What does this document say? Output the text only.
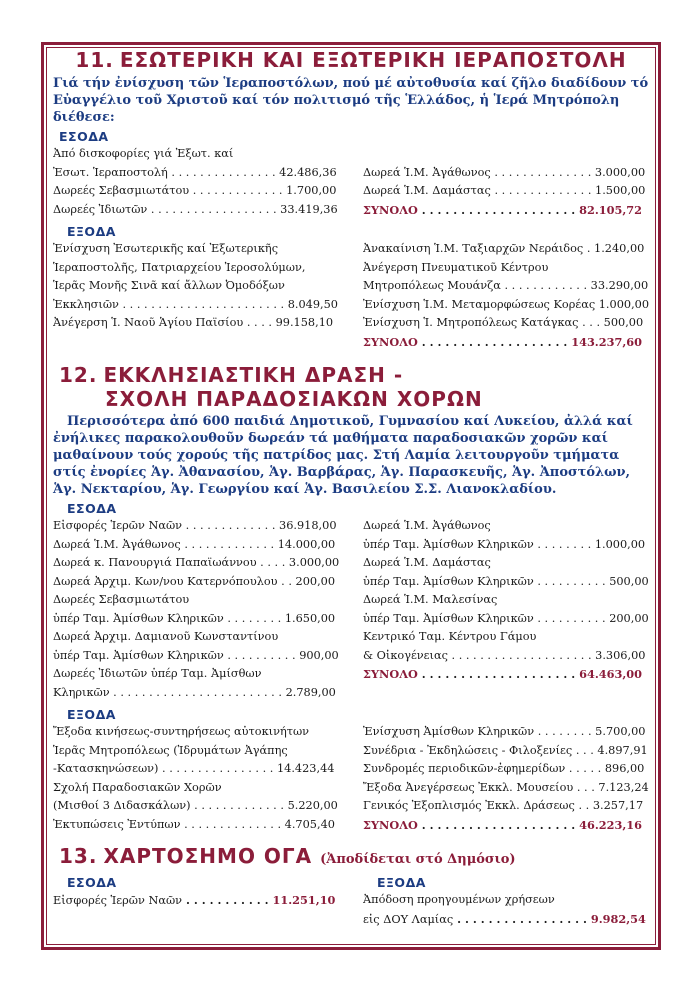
11. ΕΣΩΤΕΡΙΚΗ ΚΑΙ ΕΞΩΤΕΡΙΚΗ ΙΕΡΑΠΟΣΤΟΛΗ
Γιά τήν ἐνίσχυση τῶν Ἱεραποστόλων, πού μέ αὐτοθυσία καί ζῆλο διαδίδουν τό Εὐαγγέλιο τοῦ Χριστοῦ καί τόν πολιτισμό τῆς Ἑλλάδος, ἡ Ἱερά Μητρόπολη διέθεσε:
ΕΣΟΔΑ
Ἀπό δισκοφορίες γιά Ἐξωτ. καί
Ἐσωτ. Ἱεραποστολή . . . . . . . . . . . . . . . 42.486,36
Δωρεές Σεβασμιωτάτου . . . . . . . . . . . . . 1.700,00
Δωρεές Ἰδιωτῶν . . . . . . . . . . . . . . . . . . 33.419,36

Δωρεά Ἱ.Μ. Ἀγάθωνος . . . . . . . . . . . . . . 3.000,00
Δωρεά Ἱ.Μ. Δαμάστας . . . . . . . . . . . . . . 1.500,00
ΣΥΝΟΛΟ . . . . . . . . . . . . . . . . . . . . 82.105,72
ΕΞΟΔΑ
Ἐνίσχυση Ἐσωτερικῆς καί Ἐξωτερικῆς
Ἱεραποστολῆς, Πατριαρχείου Ἱεροσολύμων,
Ἱερᾶς Μονῆς Σινᾶ καί ἄλλων Ὀμοδόξων
Ἐκκλησιῶν . . . . . . . . . . . . . . . . . . . . . . . 8.049,50
Ἀνέγερση Ἱ. Ναοῦ Ἁγίου Παϊσίου . . . . 99.158,10
Ἀνακαίνιση Ἱ.Μ. Ταξιαρχῶν Νεράιδος . 1.240,00
Ἀνέγερση Πνευματικοῦ Κέντρου
Μητροπόλεως Μουάνζα . . . . . . . . . . . . 33.290,00
Ἐνίσχυση Ἱ.Μ. Μεταμορφώσεως Κορέας 1.000,00
Ἐνίσχυση Ἱ. Μητροπόλεως Κατάγκας . . . 500,00
ΣΥΝΟΛΟ . . . . . . . . . . . . . . . . . . . 143.237,60
12. ΕΚΚΛΗΣΙΑΣΤΙΚΗ ΔΡΑΣΗ -
ΣΧΟΛΗ ΠΑΡΑΔΟΣΙΑΚΩΝ ΧΟΡΩΝ
Περισσότερα ἀπό 600 παιδιά Δημοτικοῦ, Γυμνασίου καί Λυκείου, ἀλλά καί ἐνήλικες παρακολουθοῦν δωρεάν τά μαθήματα παραδοσιακῶν χορῶν καί μαθαίνουν τούς χορούς τῆς πατρίδος μας. Στή Λαμία λειτουργοῦν τμήματα στίς ἐνορίες Ἁγ. Ἀθανασίου, Ἁγ. Βαρβάρας, Ἁγ. Παρασκευῆς, Ἁγ. Ἀποστόλων, Ἁγ. Νεκταρίου, Ἁγ. Γεωργίου καί Ἁγ. Βασιλείου Σ.Σ. Λιανοκλαδίου.
ΕΣΟΔΑ
Εἰσφορές Ἱερῶν Ναῶν . . . . . . . . . . . . . 36.918,00
Δωρεά Ἱ.Μ. Ἀγάθωνος . . . . . . . . . . . . . 14.000,00
Δωρεά κ. Πανουργιά Παπαϊωάννου . . . . 3.000,00
Δωρεά Ἀρχιμ. Κων/νου Κατερνόπουλου . . 200,00
Δωρεές Σεβασμιωτάτου
ὑπέρ Ταμ. Ἀμίσθων Κληρικῶν . . . . . . . . 1.650,00
Δωρεά Ἀρχιμ. Δαμιανοῦ Κωνσταντίνου
ὑπέρ Ταμ. Ἀμίσθων Κληρικῶν . . . . . . . . . . 900,00
Δωρεές Ἰδιωτῶν ὑπέρ Ταμ. Ἀμίσθων
Κληρικῶν . . . . . . . . . . . . . . . . . . . . . . . . 2.789,00
Δωρεά Ἱ.Μ. Ἀγάθωνος
ὑπέρ Ταμ. Ἀμίσθων Κληρικῶν . . . . . . . . 1.000,00
Δωρεά Ἱ.Μ. Δαμάστας
ὑπέρ Ταμ. Ἀμίσθων Κληρικῶν . . . . . . . . . . 500,00
Δωρεά Ἱ.Μ. Μαλεσίνας
ὑπέρ Ταμ. Ἀμίσθων Κληρικῶν . . . . . . . . . . 200,00
Κεντρικό Ταμ. Κέντρου Γάμου
& Οἰκογένειας . . . . . . . . . . . . . . . . . . . . 3.306,00
ΣΥΝΟΛΟ . . . . . . . . . . . . . . . . . . . . 64.463,00
ΕΞΟΔΑ
Ἔξοδα κινήσεως-συντηρήσεως αὐτοκινήτων
Ἱερᾶς Μητροπόλεως (Ἱδρυμάτων Ἀγάπης
-Κατασκηνώσεων) . . . . . . . . . . . . . . . . 14.423,44
Σχολή Παραδοσιακῶν Χορῶν
(Μισθοί 3 Διδασκάλων) . . . . . . . . . . . . . 5.220,00
Ἐκτυπώσεις Ἐντύπων . . . . . . . . . . . . . . 4.705,40
Ἐνίσχυση Ἀμίσθων Κληρικῶν . . . . . . . . 5.700,00
Συνέδρια - Ἐκδηλώσεις - Φιλοξενίες . . . 4.897,91
Συνδρομές περιοδικῶν-ἐφημερίδων . . . . . 896,00
Ἔξοδα Ἀνεγέρσεως Ἐκκλ. Μουσείου . . . 7.123,24
Γενικός Ἐξοπλισμός Ἐκκλ. Δράσεως . . 3.257,17
ΣΥΝΟΛΟ . . . . . . . . . . . . . . . . . . . . 46.223,16
13. ΧΑΡΤΟΣΗΜΟ ΟΓΑ (Ἀποδίδεται στό Δημόσιο)
ΕΣΟΔΑ	ΕΞΟΔΑ
Εἰσφορές Ἱερῶν Ναῶν . . . . . . . . . . . 11.251,10	Ἀπόδοση προηγουμένων χρήσεων
εἰς ΔΟΥ Λαμίας . . . . . . . . . . . . . . . . . 9.982,54
